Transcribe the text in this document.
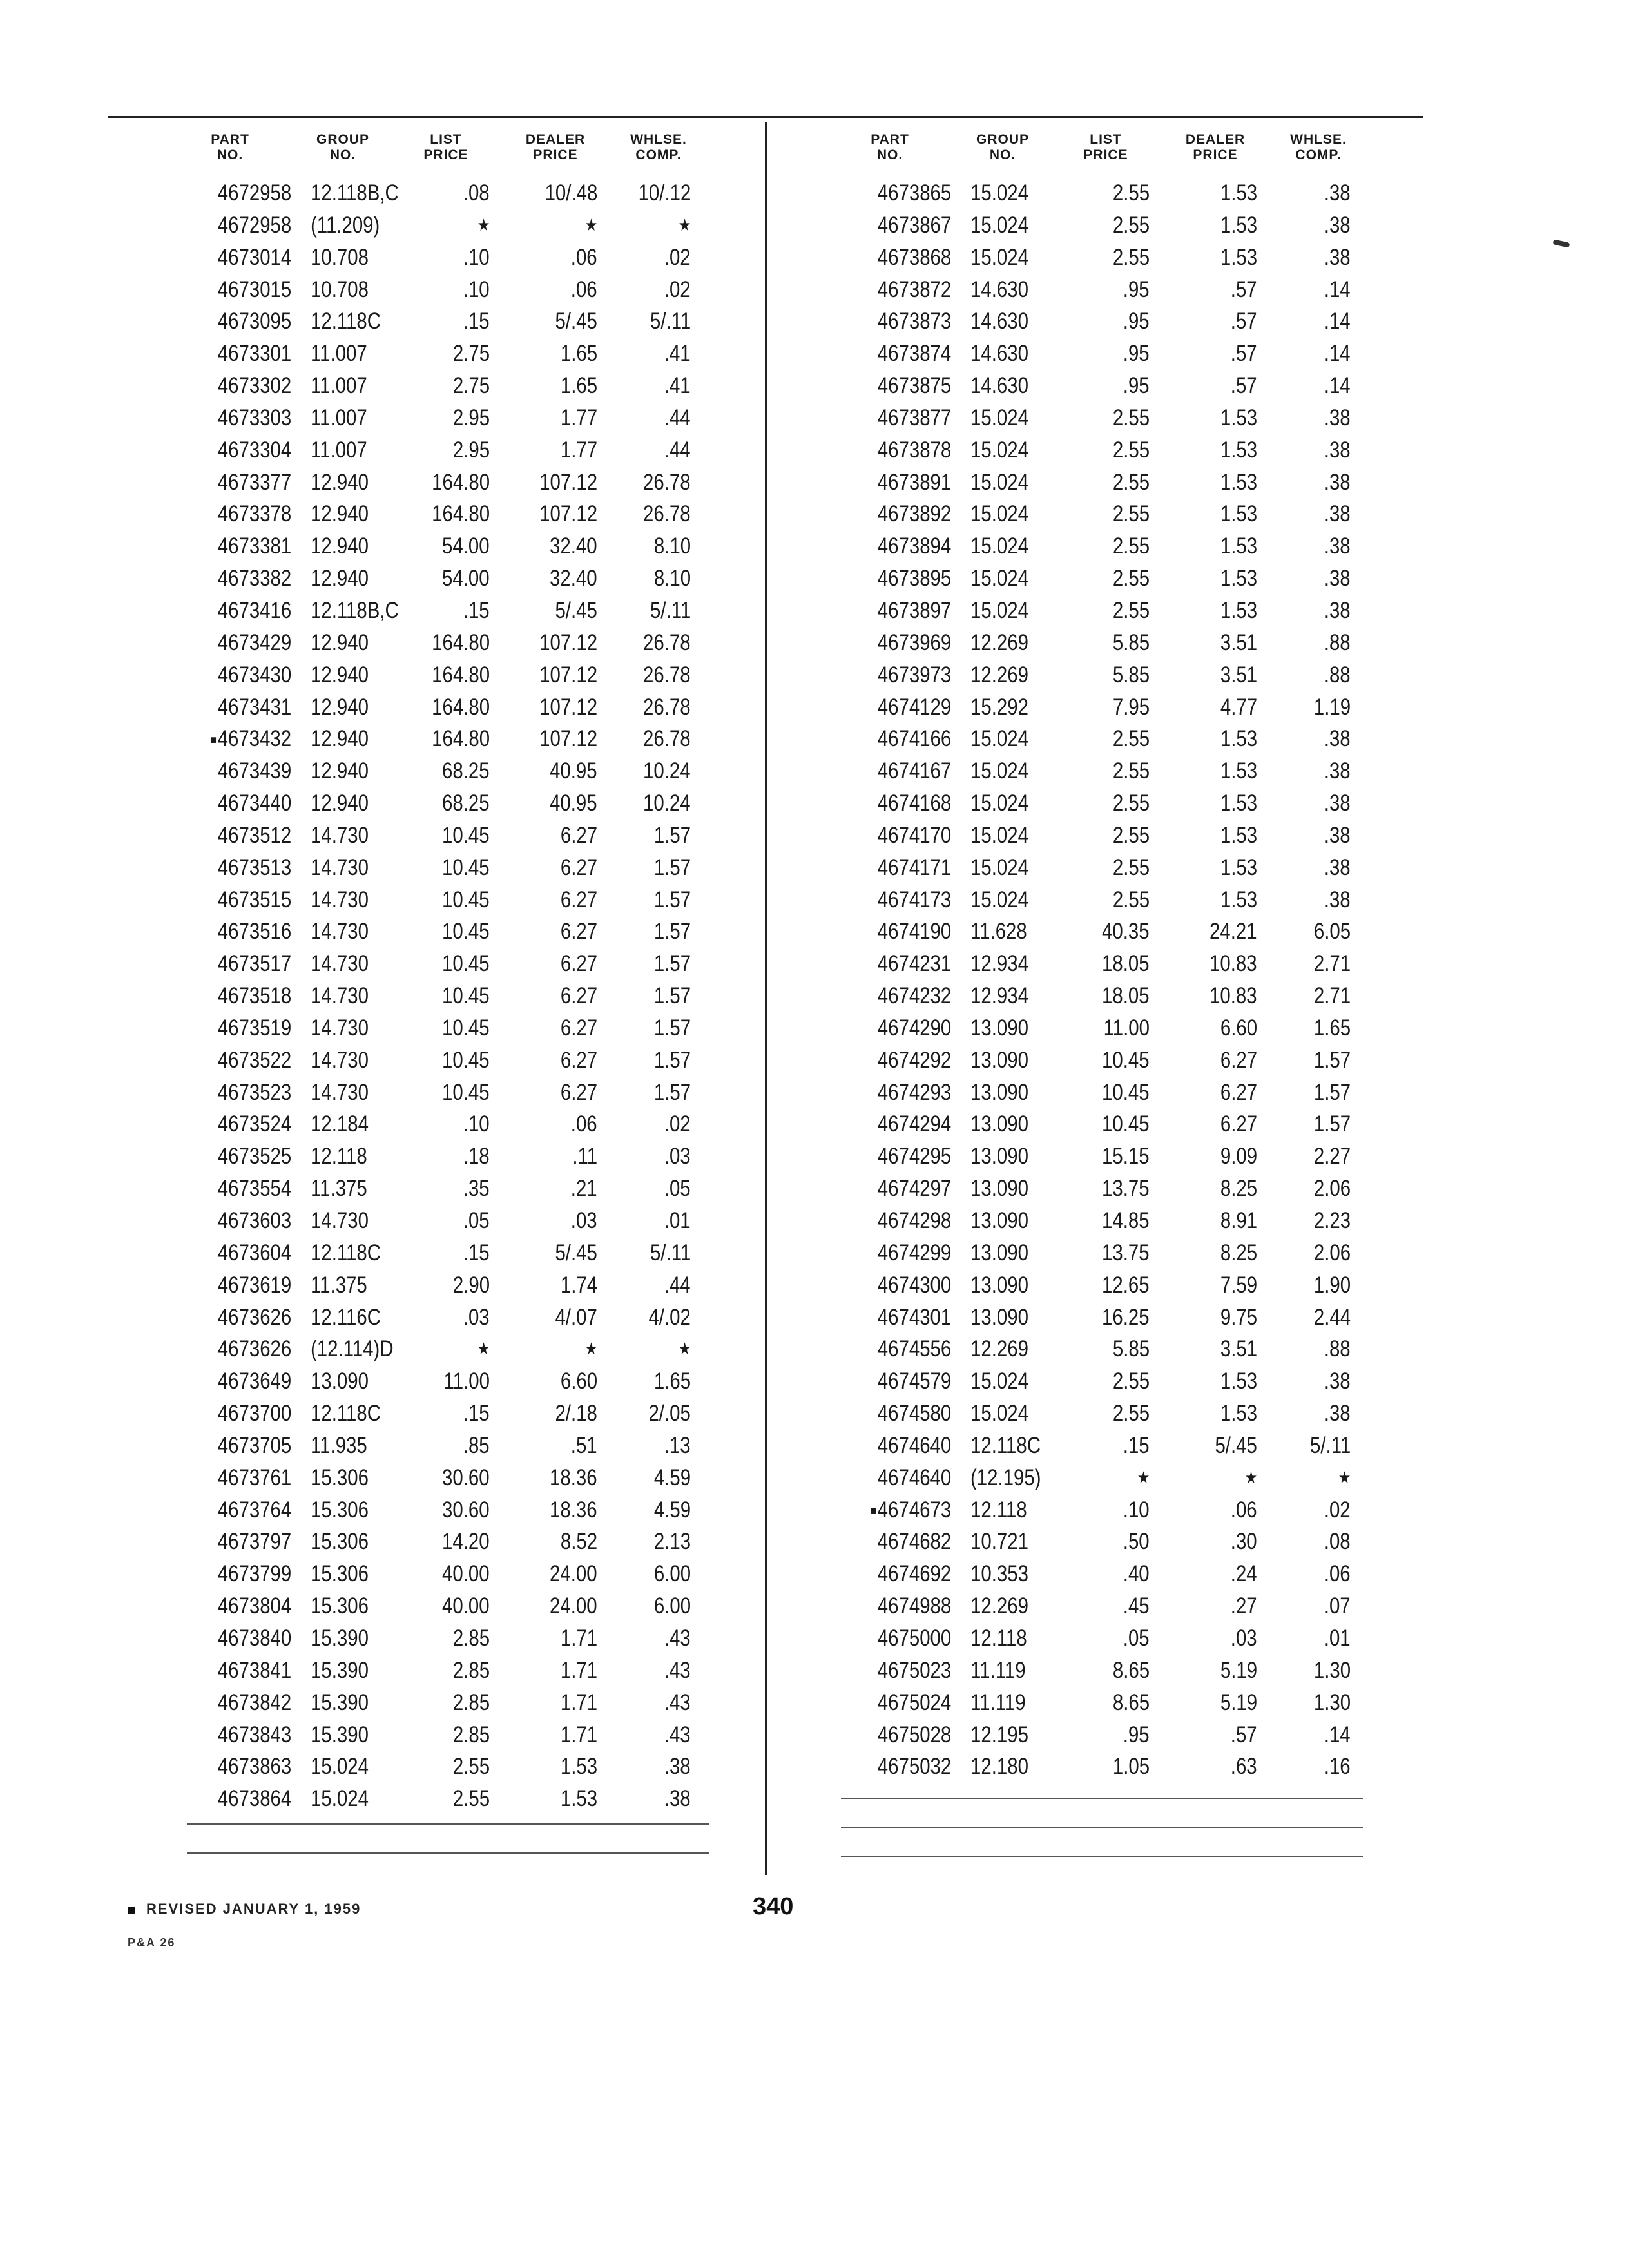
PART
NO.
GROUP
NO.
LIST
PRICE
DEALER
PRICE
WHLSE.
COMP.
4672958 12.118B,C	.08 10/.48 10/.12
4672958 (11.209)	★	★	★
4673014 10.708	.10	.06	.02
4673015 10.708	.10	.06	.02
4673095 12.118C	.15	5/.45 5/.11
4673301 11.007	2.75	1.65	.41
4673302 11.007	2.75	1.65	.41
4673303 11.007	2.95	1.77	.44
4673304 11.007	2.95	1.77	.44
4673377 12.940	164.80 107.12 26.78
4673378 12.940	164.80 107.12 26.78
4673381 12.940	54.00	32.40	8.10
4673382 12.940	54.00	32.40	8.10
4673416 12.118B,C	.15	5/.45 5/.11
4673429 12.940	164.80 107.12 26.78
4673430 12.940	164.80 107.12 26.78
4673431 12.940	164.80 107.12 26.78
■4673432 12.940	164.80 107.12 26.78
4673439 12.940	68.25	40.95 10.24
4673440 12.940	68.25	40.95 10.24
4673512 14.730	10.45	6.27	1.57
4673513 14.730	10.45	6.27	1.57
4673515 14.730	10.45	6.27	1.57
4673516 14.730	10.45	6.27	1.57
4673517 14.730	10.45	6.27	1.57
4673518 14.730	10.45	6.27	1.57
4673519 14.730	10.45	6.27	1.57
4673522 14.730	10.45	6.27	1.57
4673523 14.730	10.45	6.27	1.57
4673524 12.184	.10	.06	.02
4673525 12.118	.18	.11	.03
4673554 11.375	.35	.21	.05
4673603 14.730	.05	.03	.01
4673604 12.118C	.15	5/.45 5/.11
4673619 11.375	2.90	1.74	.44
4673626 12.116C	.03	4/.07 4/.02
4673626 (12.114)D	★	★	★
4673649 13.090	11.00	6.60	1.65
4673700 12.118C	.15	2/.18 2/.05
4673705 11.935	.85	.51	.13
4673761 15.306	30.60	18.36	4.59
4673764 15.306	30.60	18.36	4.59
4673797 15.306	14.20	8.52	2.13
4673799 15.306	40.00	24.00	6.00
4673804 15.306	40.00	24.00	6.00
4673840 15.390	2.85	1.71	.43
4673841 15.390	2.85	1.71	.43
4673842 15.390	2.85	1.71	.43
4673843 15.390	2.85	1.71	.43
4673863 15.024	2.55	1.53	.38
4673864 15.024	2.55	1.53	.38
PART
NO.
GROUP
NO.
LIST
PRICE
DEALER
PRICE
WHLSE.
COMP.
4673865 15.024	2.55	1.53	.38
4673867 15.024	2.55	1.53	.38
4673868 15.024	2.55	1.53	.38
4673872 14.630	.95	.57	.14
4673873 14.630	.95	.57	.14
4673874 14.630	.95	.57	.14
4673875 14.630	.95	.57	.14
4673877 15.024	2.55	1.53	.38
4673878 15.024	2.55	1.53	.38
4673891 15.024	2.55	1.53	.38
4673892 15.024	2.55	1.53	.38
4673894 15.024	2.55	1.53	.38
4673895 15.024	2.55	1.53	.38
4673897 15.024	2.55	1.53	.38
4673969 12.269	5.85	3.51	.88
4673973 12.269	5.85	3.51	.88
4674129 15.292	7.95	4.77	1.19
4674166 15.024	2.55	1.53	.38
4674167 15.024	2.55	1.53	.38
4674168 15.024	2.55	1.53	.38
4674170 15.024	2.55	1.53	.38
4674171 15.024	2.55	1.53	.38
4674173 15.024	2.55	1.53	.38
4674190 11.628	40.35	24.21	6.05
4674231 12.934	18.05	10.83	2.71
4674232 12.934	18.05	10.83	2.71
4674290 13.090	11.00	6.60	1.65
4674292 13.090	10.45	6.27	1.57
4674293 13.090	10.45	6.27	1.57
4674294 13.090	10.45	6.27	1.57
4674295 13.090	15.15	9.09	2.27
4674297 13.090	13.75	8.25	2.06
4674298 13.090	14.85	8.91	2.23
4674299 13.090	13.75	8.25	2.06
4674300 13.090	12.65	7.59	1.90
4674301 13.090	16.25	9.75	2.44
4674556 12.269	5.85	3.51	.88
4674579 15.024	2.55	1.53	.38
4674580 15.024	2.55	1.53	.38
4674640 12.118C	.15	5/.45 5/.11
4674640 (12.195)	★	★	★
■4674673 12.118	.10	.06	.02
4674682 10.721	.50	.30	.08
4674692 10.353	.40	.24	.06
4674988 12.269	.45	.27	.07
4675000 12.118	.05	.03	.01
4675023 11.119	8.65	5.19	1.30
4675024 11.119	8.65	5.19	1.30
4675028 12.195	.95	.57	.14
4675032 12.180	1.05	.63	.16
REVISED JANUARY 1, 1959
P&A 26
340
